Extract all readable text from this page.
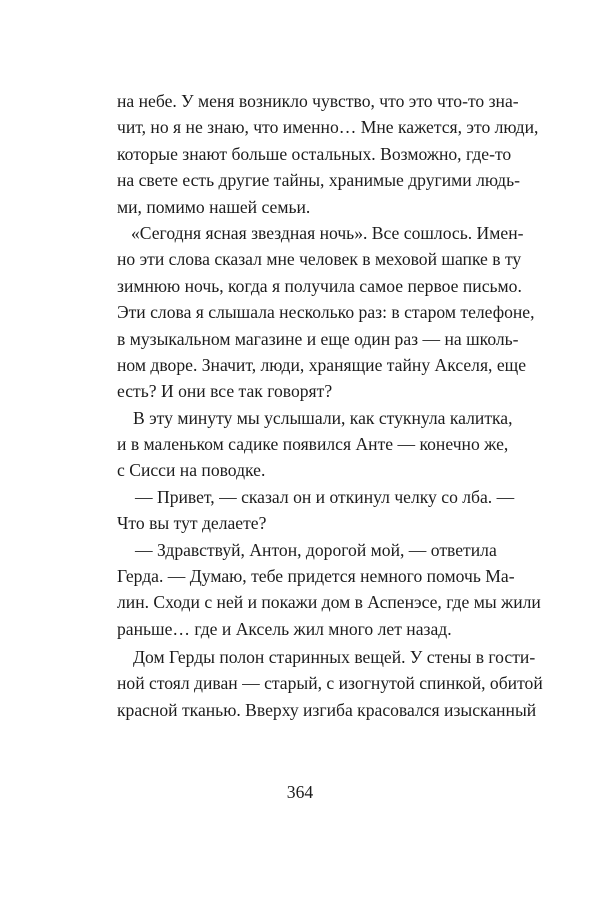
на небе. У меня возникло чувство, что это что-то зна-
чит, но я не знаю, что именно… Мне кажется, это люди,
которые знают больше остальных. Возможно, где-то
на свете есть другие тайны, хранимые другими людь-
ми, помимо нашей семьи.
«Сегодня ясная звездная ночь». Все сошлось. Имен-
но эти слова сказал мне человек в меховой шапке в ту
зимнюю ночь, когда я получила самое первое письмо.
Эти слова я слышала несколько раз: в старом телефоне,
в музыкальном магазине и еще один раз — на школь-
ном дворе. Значит, люди, хранящие тайну Акселя, еще
есть? И они все так говорят?
В эту минуту мы услышали, как стукнула калитка,
и в маленьком садике появился Анте — конечно же,
с Сисси на поводке.
— Привет, — сказал он и откинул челку со лба. —
Что вы тут делаете?
— Здравствуй, Антон, дорогой мой, — ответила
Герда. — Думаю, тебе придется немного помочь Ма-
лин. Сходи с ней и покажи дом в Аспенэсе, где мы жили
раньше… где и Аксель жил много лет назад.
Дом Герды полон старинных вещей. У стены в гости-
ной стоял диван — старый, с изогнутой спинкой, обитой
красной тканью. Вверху изгиба красовался изысканный
364
